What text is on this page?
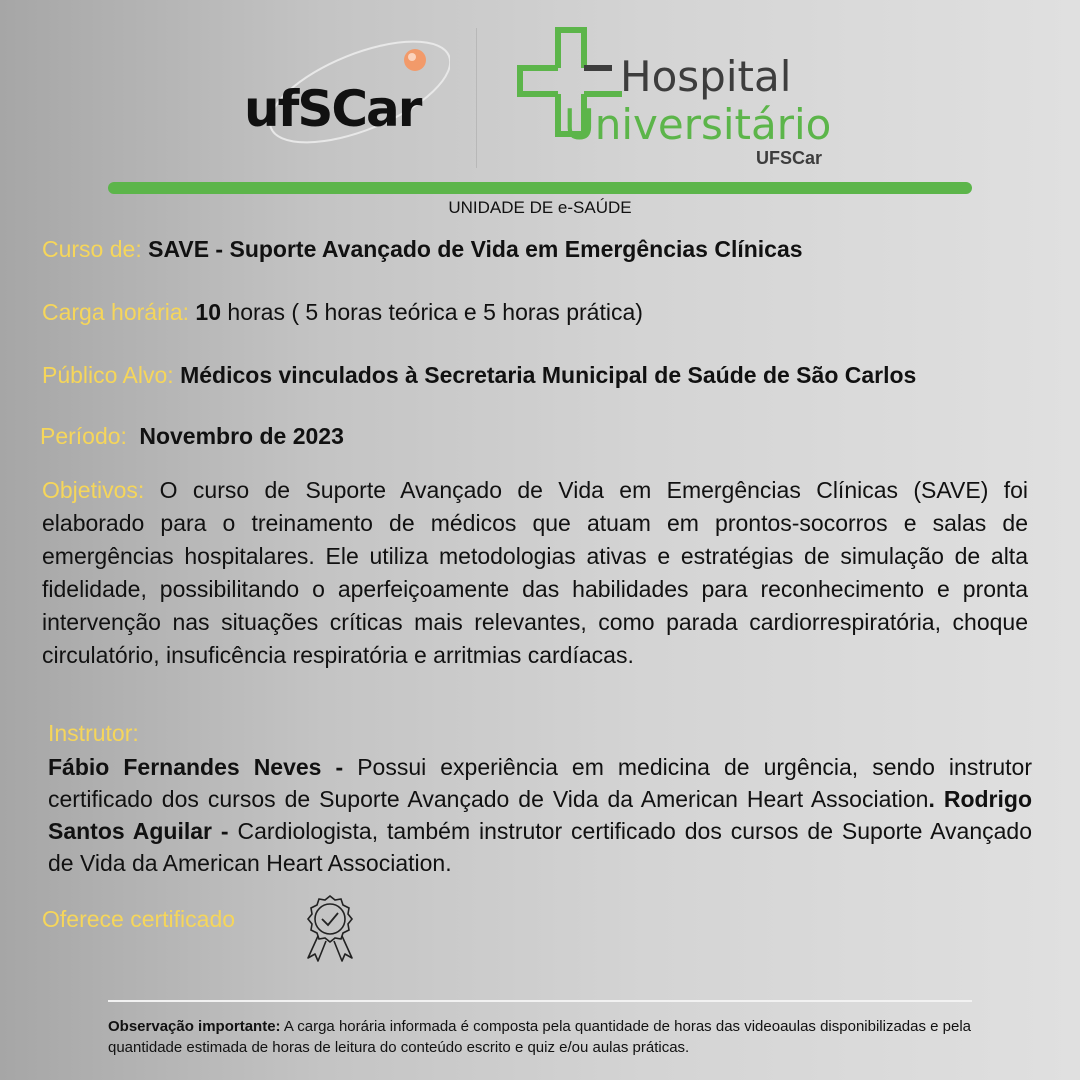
ufSCar
Hospital
Universitário
UFSCar
UNIDADE DE e-SAÚDE
Curso de: SAVE - Suporte Avançado de Vida em Emergências Clínicas
Carga horária: 10 horas ( 5 horas teórica e 5 horas prática)
Público Alvo: Médicos vinculados à Secretaria Municipal de Saúde de São Carlos
Período: Novembro de 2023
Objetivos: O curso de Suporte Avançado de Vida em Emergências Clínicas (SAVE) foi elaborado para o treinamento de médicos que atuam em prontos-socorros e salas de emergências hospitalares. Ele utiliza metodologias ativas e estratégias de simulação de alta fidelidade, possibilitando o aperfeiçoamente das habilidades para reconhecimento e pronta intervenção nas situações críticas mais relevantes, como parada cardiorrespiratória, choque circulatório, insuficência respiratória e arritmias cardíacas.
Instrutor:
Fábio Fernandes Neves - Possui experiência em medicina de urgência, sendo instrutor certificado dos cursos de Suporte Avançado de Vida da American Heart Association. Rodrigo Santos Aguilar - Cardiologista, também instrutor certificado dos cursos de Suporte Avançado de Vida da American Heart Association.
Oferece certificado
Observação importante: A carga horária informada é composta pela quantidade de horas das videoaulas disponibilizadas e pela quantidade estimada de horas de leitura do conteúdo escrito e quiz e/ou aulas práticas.
